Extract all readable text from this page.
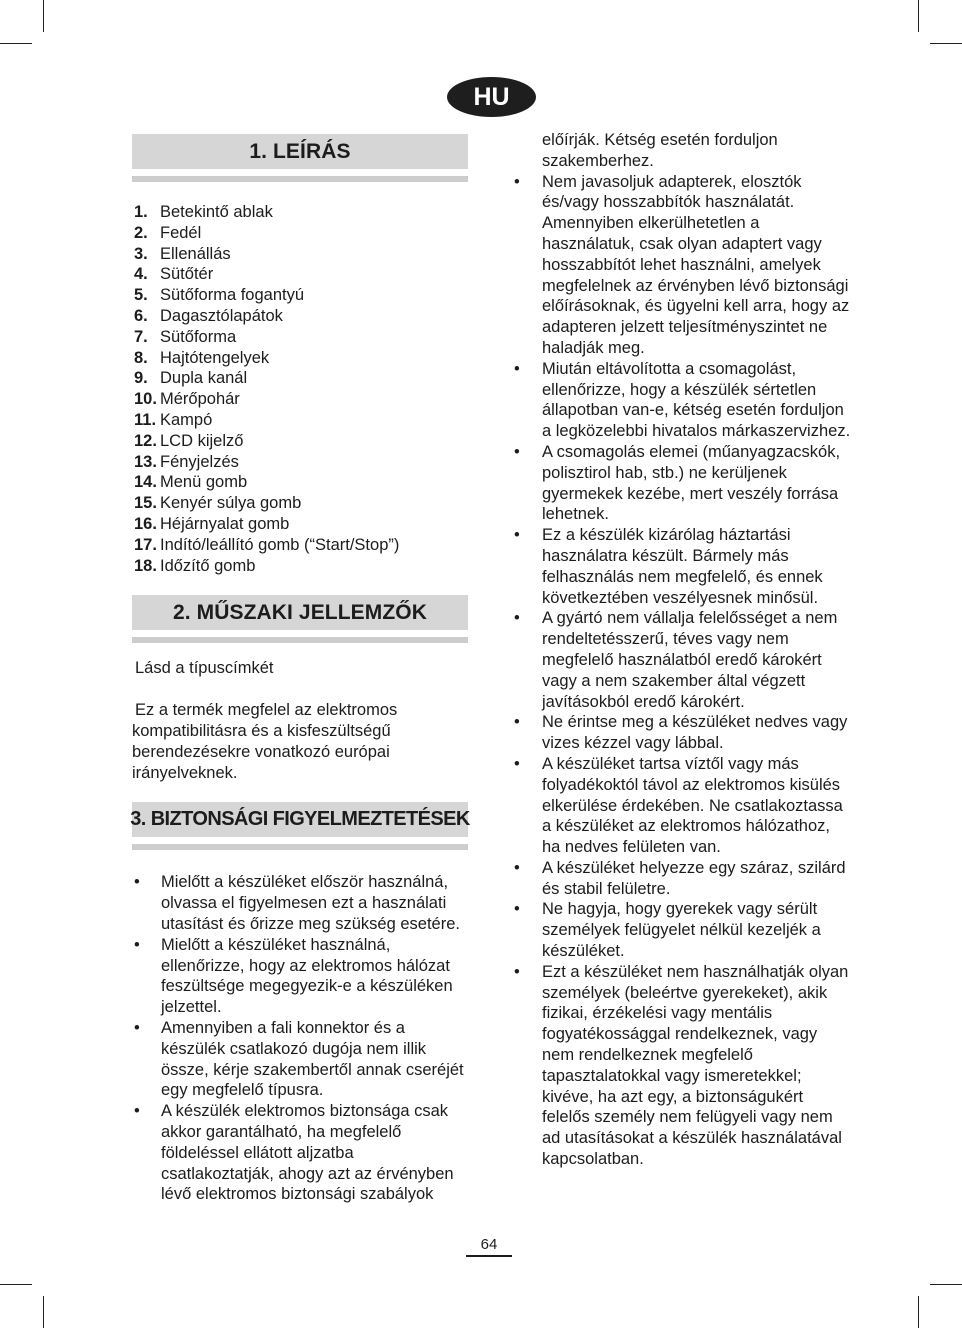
HU
1. LEÍRÁS
1. Betekintő ablak
2. Fedél
3. Ellenállás
4. Sütőtér
5. Sütőforma fogantyú
6. Dagasztólapátok
7. Sütőforma
8. Hajtótengelyek
9. Dupla kanál
10. Mérőpohár
11. Kampó
12. LCD kijelző
13. Fényjelzés
14. Menü gomb
15. Kenyér súlya gomb
16. Héjárnyalat gomb
17. Indító/leállító gomb (“Start/Stop”)
18. Időzítő gomb
2. MŰSZAKI JELLEMZŐK

Lásd a típuscímkét

Ez a termék megfelel az elektromos kompatibilitásra és a kisfeszültségű berendezésekre vonatkozó európai irányelveknek.

3. BIZTONSÁGI FIGYELMEZTETÉSEK
• Mielőtt a készüléket először használná, olvassa el figyelmesen ezt a használati utasítást és őrizze meg szükség esetére.
• Mielőtt a készüléket használná, ellenőrizze, hogy az elektromos hálózat feszültsége megegyezik-e a készüléken jelzettel.
• Amennyiben a fali konnektor és a készülék csatlakozó dugója nem illik össze, kérje szakembertől annak cseréjét egy megfelelő típusra.
• A készülék elektromos biztonsága csak akkor garantálható, ha megfelelő földeléssel ellátott aljzatba csatlakoztatják, ahogy azt az érvényben lévő elektromos biztonsági szabályok
előírják. Kétség esetén forduljon szakemberhez.
• Nem javasoljuk adapterek, elosztók és/vagy hosszabbítók használatát. Amennyiben elkerülhetetlen a használatuk, csak olyan adaptert vagy hosszabbítót lehet használni, amelyek megfelelnek az érvényben lévő biztonsági előírásoknak, és ügyelni kell arra, hogy az adapteren jelzett teljesítményszintet ne haladják meg.
• Miután eltávolította a csomagolást, ellenőrizze, hogy a készülék sértetlen állapotban van-e, kétség esetén forduljon a legközelebbi hivatalos márkaszervizhez.
• A csomagolás elemei (műanyagzacskók, polisztirol hab, stb.) ne kerüljenek gyermekek kezébe, mert veszély forrása lehetnek.
• Ez a készülék kizárólag háztartási használatra készült. Bármely más felhasználás nem megfelelő, és ennek következtében veszélyesnek minősül.
• A gyártó nem vállalja felelősséget a nem rendeltetésszerű, téves vagy nem megfelelő használatból eredő károkért vagy a nem szakember által végzett javításokból eredő károkért.
• Ne érintse meg a készüléket nedves vagy vizes kézzel vagy lábbal.
• A készüléket tartsa víztől vagy más folyadékoktól távol az elektromos kisülés elkerülése érdekében. Ne csatlakoztassa a készüléket az elektromos hálózathoz, ha nedves felületen van.
• A készüléket helyezze egy száraz, szilárd és stabil felületre.
• Ne hagyja, hogy gyerekek vagy sérült személyek felügyelet nélkül kezeljék a készüléket.
• Ezt a készüléket nem használhatják olyan személyek (beleértve gyerekeket), akik fizikai, érzékelési vagy mentális fogyatékossággal rendelkeznek, vagy nem rendelkeznek megfelelő tapasztalatokkal vagy ismeretekkel; kivéve, ha azt egy, a biztonságukért felelős személy nem felügyeli vagy nem ad utasításokat a készülék használatával kapcsolatban.
64
